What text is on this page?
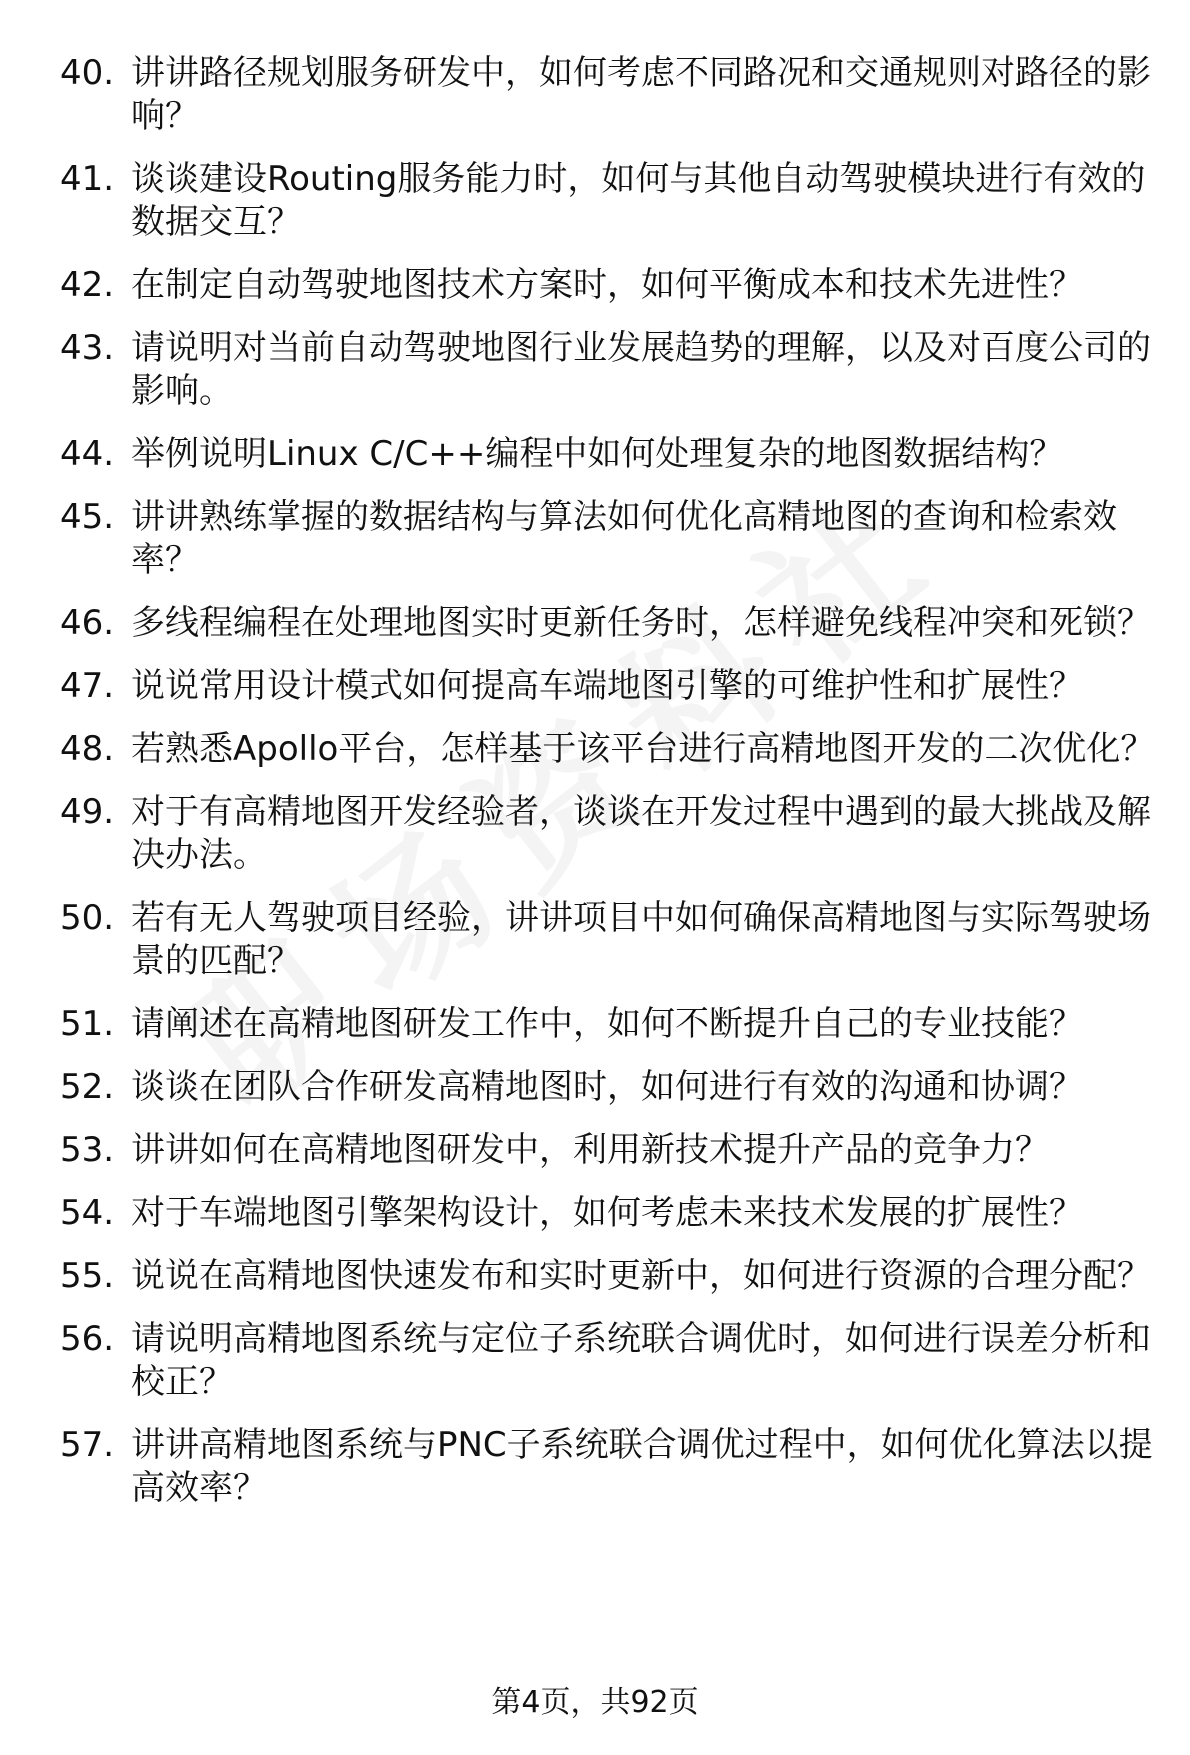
40. 讲讲路径规划服务研发中，如何考虑不同路况和交通规则对路径的影响？
41. 谈谈建设Routing服务能力时，如何与其他自动驾驶模块进行有效的数据交互？
42. 在制定自动驾驶地图技术方案时，如何平衡成本和技术先进性？
43. 请说明对当前自动驾驶地图行业发展趋势的理解，以及对百度公司的影响。
44. 举例说明Linux C/C++编程中如何处理复杂的地图数据结构？
45. 讲讲熟练掌握的数据结构与算法如何优化高精地图的查询和检索效率？
46. 多线程编程在处理地图实时更新任务时，怎样避免线程冲突和死锁？
47. 说说常用设计模式如何提高车端地图引擎的可维护性和扩展性？
48. 若熟悉Apollo平台，怎样基于该平台进行高精地图开发的二次优化？
49. 对于有高精地图开发经验者，谈谈在开发过程中遇到的最大挑战及解决办法。
50. 若有无人驾驶项目经验，讲讲项目中如何确保高精地图与实际驾驶场景的匹配？
51. 请阐述在高精地图研发工作中，如何不断提升自己的专业技能？
52. 谈谈在团队合作研发高精地图时，如何进行有效的沟通和协调？
53. 讲讲如何在高精地图研发中，利用新技术提升产品的竞争力？
54. 对于车端地图引擎架构设计，如何考虑未来技术发展的扩展性？
55. 说说在高精地图快速发布和实时更新中，如何进行资源的合理分配？
56. 请说明高精地图系统与定位子系统联合调优时，如何进行误差分析和校正？
57. 讲讲高精地图系统与PNC子系统联合调优过程中，如何优化算法以提高效率？
第4页，共92页
